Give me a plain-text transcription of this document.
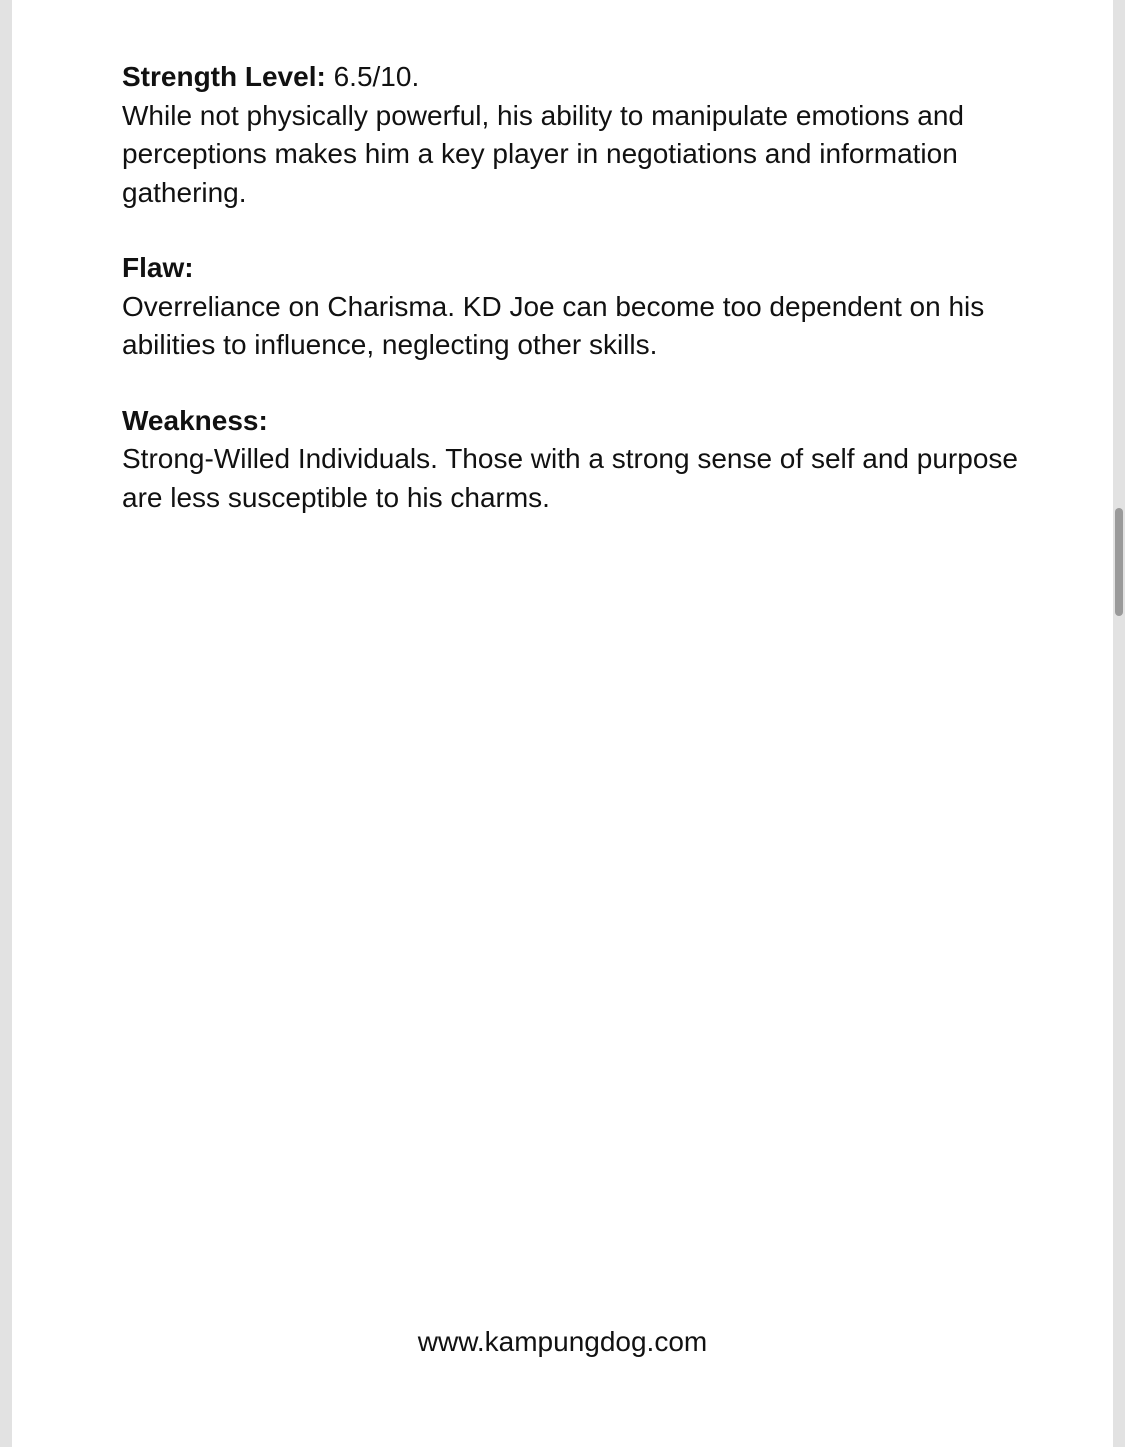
Strength Level: 6.5/10.
While not physically powerful, his ability to manipulate emotions and perceptions makes him a key player in negotiations and information gathering.
Flaw:
Overreliance on Charisma. KD Joe can become too dependent on his abilities to influence, neglecting other skills.
Weakness:
Strong-Willed Individuals. Those with a strong sense of self and purpose are less susceptible to his charms.
www.kampungdog.com
